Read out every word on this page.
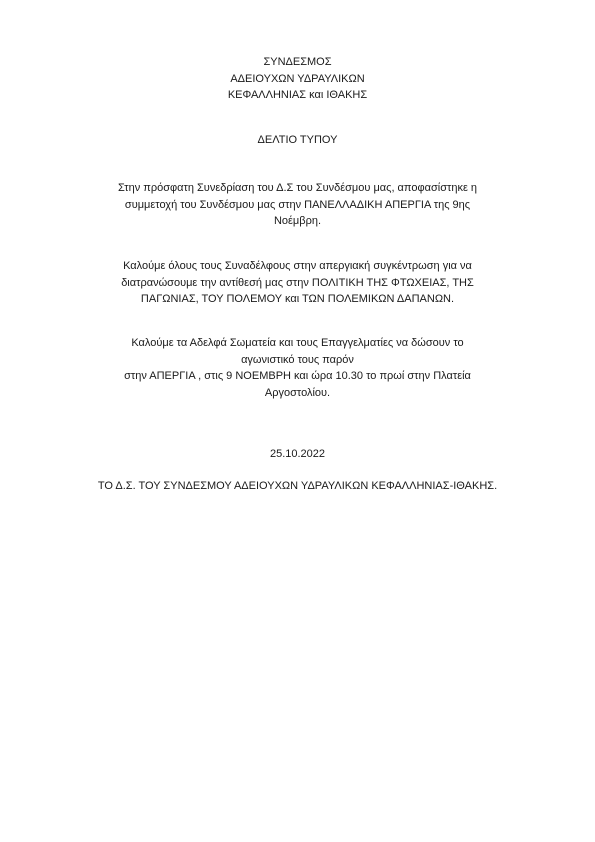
ΣΥΝΔΕΣΜΟΣ
ΑΔΕΙΟΥΧΩΝ ΥΔΡΑΥΛΙΚΩΝ
ΚΕΦΑΛΛΗΝΙΑΣ και ΙΘΑΚΗΣ
ΔΕΛΤΙΟ ΤΥΠΟΥ
Στην πρόσφατη Συνεδρίαση του Δ.Σ του Συνδέσμου μας, αποφασίστηκε η
συμμετοχή του Συνδέσμου μας στην ΠΑΝΕΛΛΑΔΙΚΗ ΑΠΕΡΓΙΑ της 9ης
Νοέμβρη.
Καλούμε όλους τους Συναδέλφους στην απεργιακή συγκέντρωση για να
διατρανώσουμε την αντίθεσή μας στην ΠΟΛΙΤΙΚΗ ΤΗΣ ΦΤΩΧΕΙΑΣ, ΤΗΣ
ΠΑΓΩΝΙΑΣ, ΤΟΥ ΠΟΛΕΜΟΥ και ΤΩΝ ΠΟΛΕΜΙΚΩΝ ΔΑΠΑΝΩΝ.
Καλούμε τα Αδελφά Σωματεία και τους Επαγγελματίες να δώσουν το
αγωνιστικό τους παρόν
στην ΑΠΕΡΓΙΑ , στις 9 ΝΟΕΜΒΡΗ και ώρα 10.30 το πρωί στην Πλατεία
Αργοστολίου.
25.10.2022
ΤΟ Δ.Σ. ΤΟΥ ΣΥΝΔΕΣΜΟΥ ΑΔΕΙΟΥΧΩΝ ΥΔΡΑΥΛΙΚΩΝ ΚΕΦΑΛΛΗΝΙΑΣ-ΙΘΑΚΗΣ.
